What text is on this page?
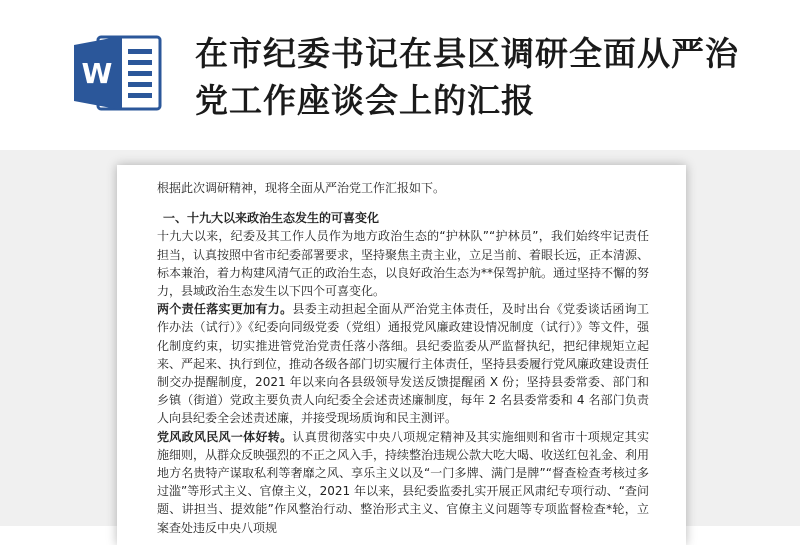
W
在市纪委书记在县区调研全面从严治党工作座谈会上的汇报

根据此次调研精神，现将全面从严治党工作汇报如下。

一、十九大以来政治生态发生的可喜变化

十九大以来，纪委及其工作人员作为地方政治生态的“护林队”“护林员”，我们始终牢记责任担当，认真按照中省市纪委部署要求，坚持聚焦主责主业，立足当前、着眼长远，正本清源、标本兼治，着力构建风清气正的政治生态，以良好政治生态为**保驾护航。通过坚持不懈的努力，县域政治生态发生以下四个可喜变化。

两个责任落实更加有力。县委主动担起全面从严治党主体责任，及时出台《党委谈话函询工作办法（试行）》《纪委向同级党委（党组）通报党风廉政建设情况制度（试行）》等文件，强化制度约束，切实推进管党治党责任落小落细。县纪委监委从严监督执纪，把纪律规矩立起来、严起来、执行到位，推动各级各部门切实履行主体责任，坚持县委履行党风廉政建设责任制交办提醒制度，2021 年以来向各县级领导发送反馈提醒函 X 份；坚持县委常委、部门和乡镇（街道）党政主要负责人向纪委全会述责述廉制度，每年 2 名县委常委和 4 名部门负责人向县纪委全会述责述廉，并接受现场质询和民主测评。

党风政风民风一体好转。认真贯彻落实中央八项规定精神及其实施细则和省市十项规定其实施细则，从群众反映强烈的不正之风入手，持续整治违规公款大吃大喝、收送红包礼金、利用地方名贵特产谋取私利等奢靡之风、享乐主义以及“一门多牌、满门是牌”“督查检查考核过多过滥”等形式主义、官僚主义，2021 年以来，县纪委监委扎实开展正风肃纪专项行动、“查问题、讲担当、提效能”作风整治行动、整治形式主义、官僚主义问题等专项监督检查*轮，立案查处违反中央八项规
